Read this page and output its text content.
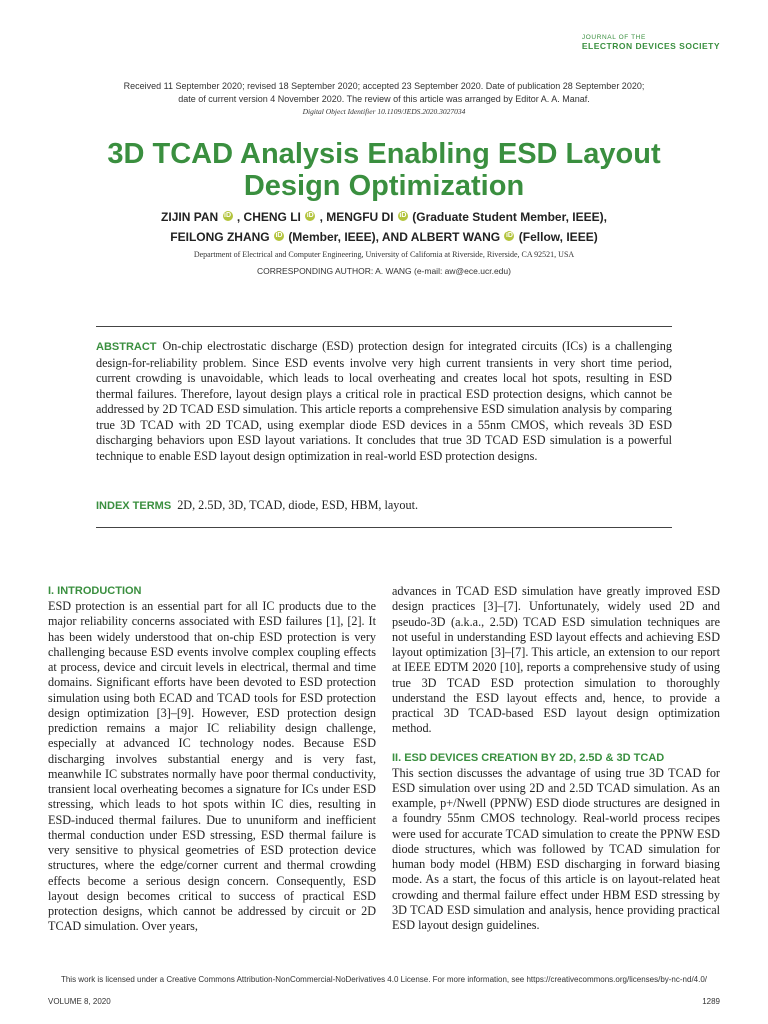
JOURNAL OF THE
ELECTRON DEVICES SOCIETY
Received 11 September 2020; revised 18 September 2020; accepted 23 September 2020. Date of publication 28 September 2020;
date of current version 4 November 2020. The review of this article was arranged by Editor A. A. Manaf.
Digital Object Identifier 10.1109/JEDS.2020.3027034
3D TCAD Analysis Enabling ESD Layout
Design Optimization
ZIJIN PAN iD , CHENG LI iD , MENGFU DI iD (Graduate Student Member, IEEE),
FEILONG ZHANG iD (Member, IEEE), AND ALBERT WANG iD (Fellow, IEEE)
Department of Electrical and Computer Engineering, University of California at Riverside, Riverside, CA 92521, USA
CORRESPONDING AUTHOR: A. WANG (e-mail: aw@ece.ucr.edu)

ABSTRACT On-chip electrostatic discharge (ESD) protection design for integrated circuits (ICs) is a challenging design-for-reliability problem. Since ESD events involve very high current transients in very short time period, current crowding is unavoidable, which leads to local overheating and creates local hot spots, resulting in ESD thermal failures. Therefore, layout design plays a critical role in practical ESD protection designs, which cannot be addressed by 2D TCAD ESD simulation. This article reports a comprehensive ESD simulation analysis by comparing true 3D TCAD with 2D TCAD, using exemplar diode ESD devices in a 55nm CMOS, which reveals 3D ESD discharging behaviors upon ESD layout variations. It concludes that true 3D TCAD ESD simulation is a powerful technique to enable ESD layout design optimization in real-world ESD protection designs.

INDEX TERMS 2D, 2.5D, 3D, TCAD, diode, ESD, HBM, layout.

I. INTRODUCTION

ESD protection is an essential part for all IC products due to the major reliability concerns associated with ESD failures [1], [2]. It has been widely understood that on-chip ESD protection is very challenging because ESD events involve complex coupling effects at process, device and circuit levels in electrical, thermal and time domains. Significant efforts have been devoted to ESD protection simulation using both ECAD and TCAD tools for ESD protection design optimization [3]–[9]. However, ESD protection design prediction remains a major IC reliability design challenge, especially at advanced IC technology nodes. Because ESD discharging involves substantial energy and is very fast, meanwhile IC substrates normally have poor thermal conductivity, transient local overheating becomes a signature for ICs under ESD stressing, which leads to hot spots within IC dies, resulting in ESD-induced thermal failures. Due to ununiform and inefficient thermal conduction under ESD stressing, ESD thermal failure is very sensitive to physical geometries of ESD protection device structures, where the edge/corner current and thermal crowding effects become a serious design concern. Consequently, ESD layout design becomes critical to success of practical ESD protection designs, which cannot be addressed by circuit or 2D TCAD simulation. Over years,

advances in TCAD ESD simulation have greatly improved ESD design practices [3]–[7]. Unfortunately, widely used 2D and pseudo-3D (a.k.a., 2.5D) TCAD ESD simulation techniques are not useful in understanding ESD layout effects and achieving ESD layout optimization [3]–[7]. This article, an extension to our report at IEEE EDTM 2020 [10], reports a comprehensive study of using true 3D TCAD ESD protection simulation to thoroughly understand the ESD layout effects and, hence, to provide a practical 3D TCAD-based ESD layout design optimization method.

II. ESD DEVICES CREATION BY 2D, 2.5D & 3D TCAD

This section discusses the advantage of using true 3D TCAD for ESD simulation over using 2D and 2.5D TCAD simulation. As an example, p+/Nwell (PPNW) ESD diode structures are designed in a foundry 55nm CMOS technology. Real-world process recipes were used for accurate TCAD simulation to create the PPNW ESD diode structures, which was followed by TCAD simulation for human body model (HBM) ESD discharging in forward biasing mode. As a start, the focus of this article is on layout-related heat crowding and thermal failure effect under HBM ESD stressing by 3D TCAD ESD simulation and analysis, hence providing practical ESD layout design guidelines.

This work is licensed under a Creative Commons Attribution-NonCommercial-NoDerivatives 4.0 License. For more information, see https://creativecommons.org/licenses/by-nc-nd/4.0/
VOLUME 8, 2020	1289
